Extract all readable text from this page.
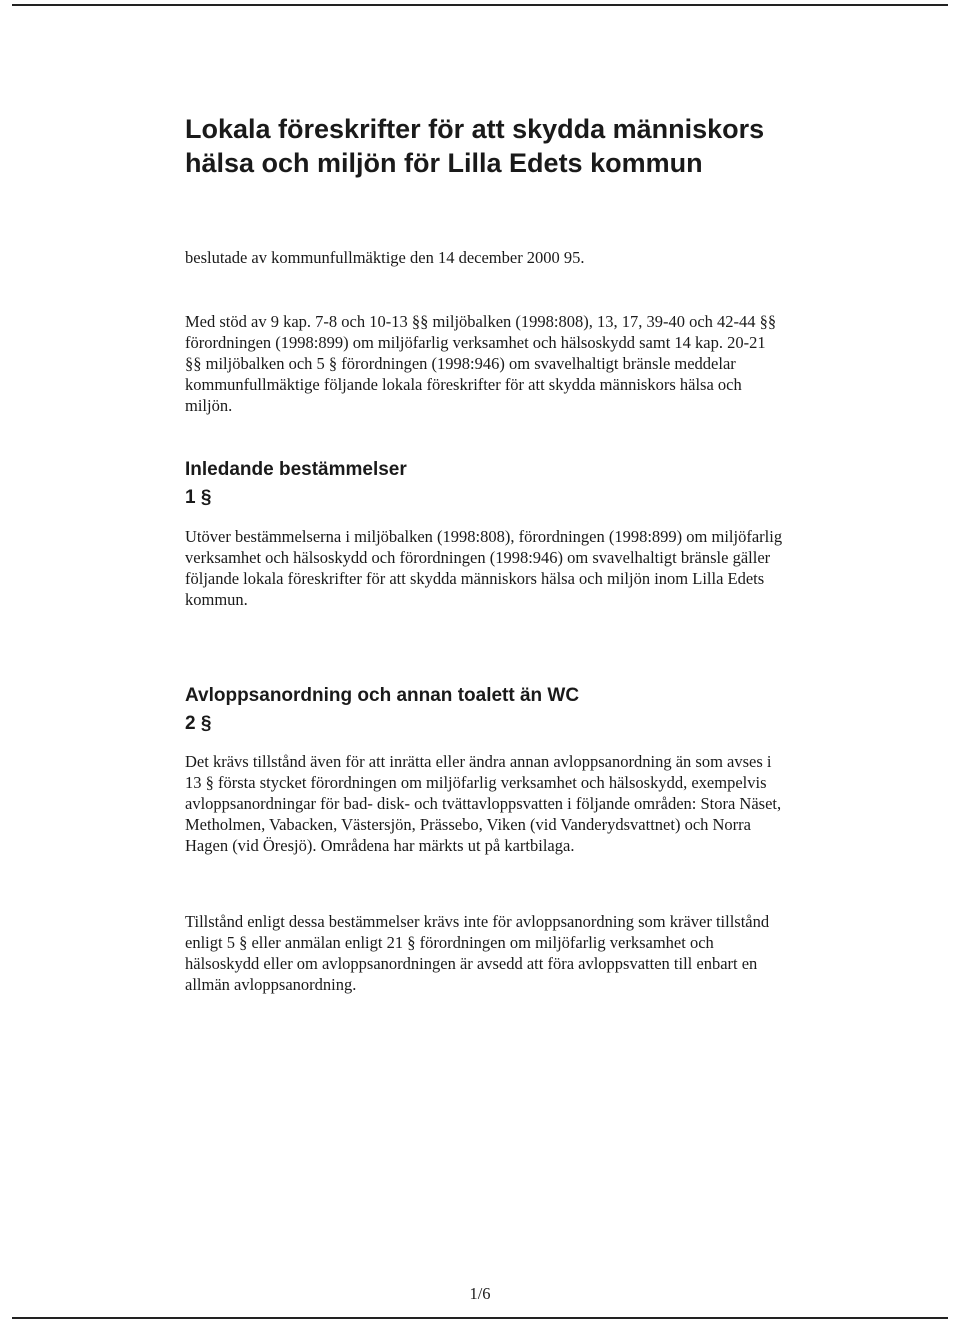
Lokala föreskrifter för att skydda människors hälsa och miljön för Lilla Edets kommun

beslutade av kommunfullmäktige den 14 december 2000 95.

Med stöd av 9 kap. 7-8 och 10-13 §§ miljöbalken (1998:808), 13, 17, 39-40 och 42-44 §§ förordningen (1998:899) om miljöfarlig verksamhet och hälsoskydd samt 14 kap. 20-21 §§ miljöbalken och 5 § förordningen (1998:946) om svavelhaltigt bränsle meddelar kommunfullmäktige följande lokala föreskrifter för att skydda människors hälsa och miljön.

Inledande bestämmelser
1 §

Utöver bestämmelserna i miljöbalken (1998:808), förordningen (1998:899) om miljöfarlig verksamhet och hälsoskydd och förordningen (1998:946) om svavelhaltigt bränsle gäller följande lokala föreskrifter för att skydda människors hälsa och miljön inom Lilla Edets kommun.

Avloppsanordning och annan toalett än WC
2 §

Det krävs tillstånd även för att inrätta eller ändra annan avloppsanordning än som avses i 13 § första stycket förordningen om miljöfarlig verksamhet och hälsoskydd, exempelvis avloppsanordningar för bad- disk- och tvättavloppsvatten i följande områden: Stora Näset, Metholmen, Vabacken, Västersjön, Prässebo, Viken (vid Vanderydsvattnet) och Norra Hagen (vid Öresjö). Områdena har märkts ut på kartbilaga.

Tillstånd enligt dessa bestämmelser krävs inte för avloppsanordning som kräver tillstånd enligt 5 § eller anmälan enligt 21 § förordningen om miljöfarlig verksamhet och hälsoskydd eller om avloppsanordningen är avsedd att föra avloppsvatten till enbart en allmän avloppsanordning.

1/6
